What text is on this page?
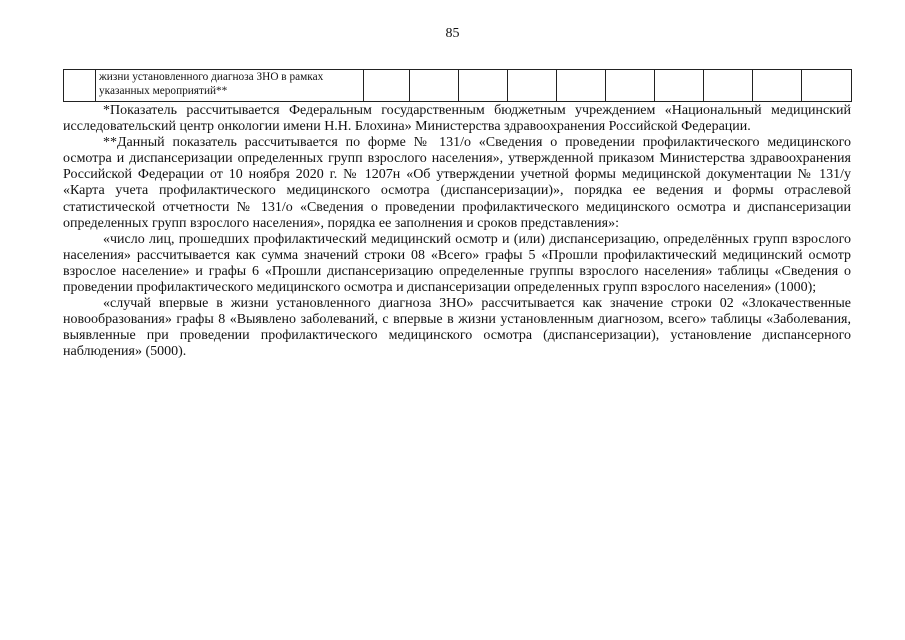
85
	жизни установленного диагноза ЗНО в рамках указанных мероприятий**										

*Показатель рассчитывается Федеральным государственным бюджетным учреждением «Национальный медицинский исследовательский центр онкологии имени Н.Н. Блохина» Министерства здравоохранения Российской Федерации.

**Данный показатель рассчитывается по форме № 131/о «Сведения о проведении профилактического медицинского осмотра и диспансеризации определенных групп взрослого населения», утвержденной приказом Министерства здравоохранения Российской Федерации от 10 ноября 2020 г. № 1207н «Об утверждении учетной формы медицинской документации № 131/у «Карта учета профилактического медицинского осмотра (диспансеризации)», порядка ее ведения и формы отраслевой статистической отчетности № 131/о «Сведения о проведении профилактического медицинского осмотра и диспансеризации определенных групп взрослого населения», порядка ее заполнения и сроков представления»:

«число лиц, прошедших профилактический медицинский осмотр и (или) диспансеризацию, определённых групп взрослого населения» рассчитывается как сумма значений строки 08 «Всего» графы 5 «Прошли профилактический медицинский осмотр взрослое население» и графы 6 «Прошли диспансеризацию определенные группы взрослого населения» таблицы «Сведения о проведении профилактического медицинского осмотра и диспансеризации определенных групп взрослого населения» (1000);

«случай впервые в жизни установленного диагноза ЗНО» рассчитывается как значение строки 02 «Злокачественные новообразования» графы 8 «Выявлено заболеваний, с впервые в жизни установленным диагнозом, всего» таблицы «Заболевания, выявленные при проведении профилактического медицинского осмотра (диспансеризации), установление диспансерного наблюдения» (5000).
